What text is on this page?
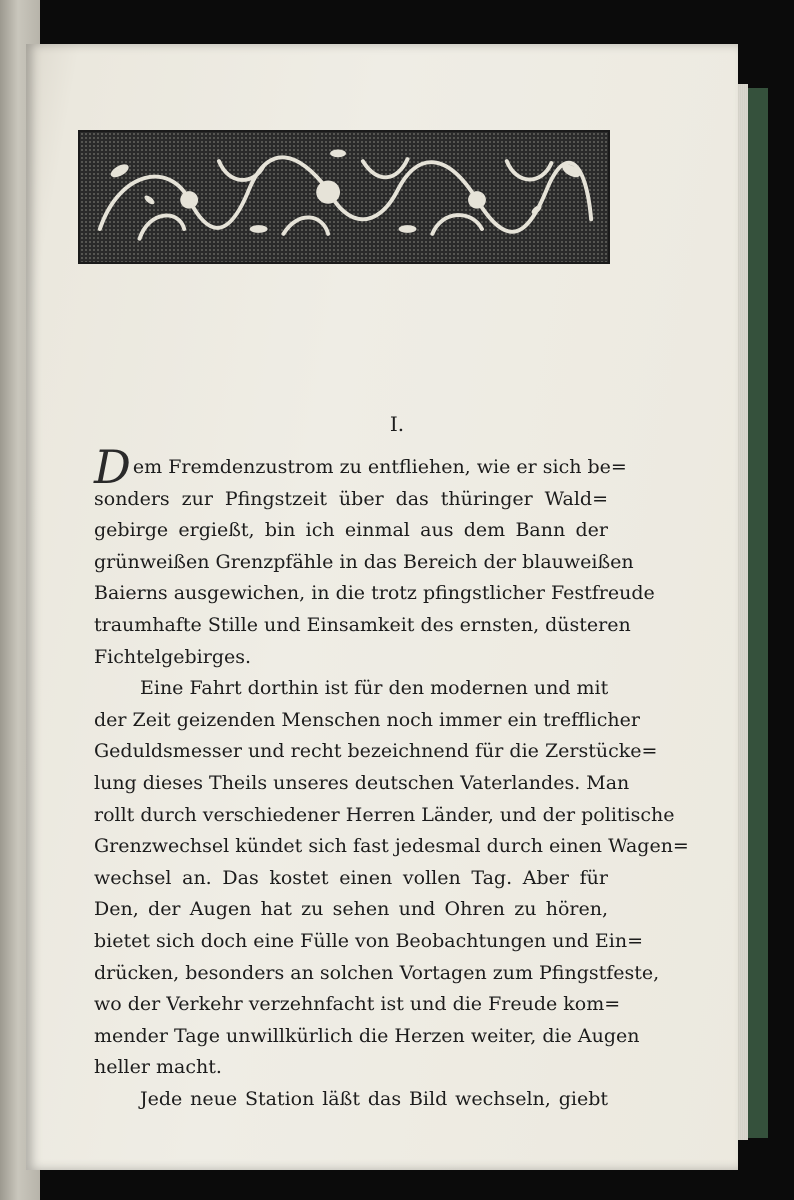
I.
Dem Fremdenzustrom zu entfliehen, wie er sich be=
sonders zur Pfingstzeit über das thüringer Wald=
gebirge ergießt, bin ich einmal aus dem Bann der
grünweißen Grenzpfähle in das Bereich der blauweißen
Baierns ausgewichen, in die trotz pfingstlicher Festfreude
traumhafte Stille und Einsamkeit des ernsten, düsteren
Fichtelgebirges.
Eine Fahrt dorthin ist für den modernen und mit
der Zeit geizenden Menschen noch immer ein trefflicher
Geduldsmesser und recht bezeichnend für die Zerstücke=
lung dieses Theils unseres deutschen Vaterlandes. Man
rollt durch verschiedener Herren Länder, und der politische
Grenzwechsel kündet sich fast jedesmal durch einen Wagen=
wechsel an. Das kostet einen vollen Tag. Aber für
Den, der Augen hat zu sehen und Ohren zu hören,
bietet sich doch eine Fülle von Beobachtungen und Ein=
drücken, besonders an solchen Vortagen zum Pfingstfeste,
wo der Verkehr verzehnfacht ist und die Freude kom=
mender Tage unwillkürlich die Herzen weiter, die Augen
heller macht.
Jede neue Station läßt das Bild wechseln, giebt
